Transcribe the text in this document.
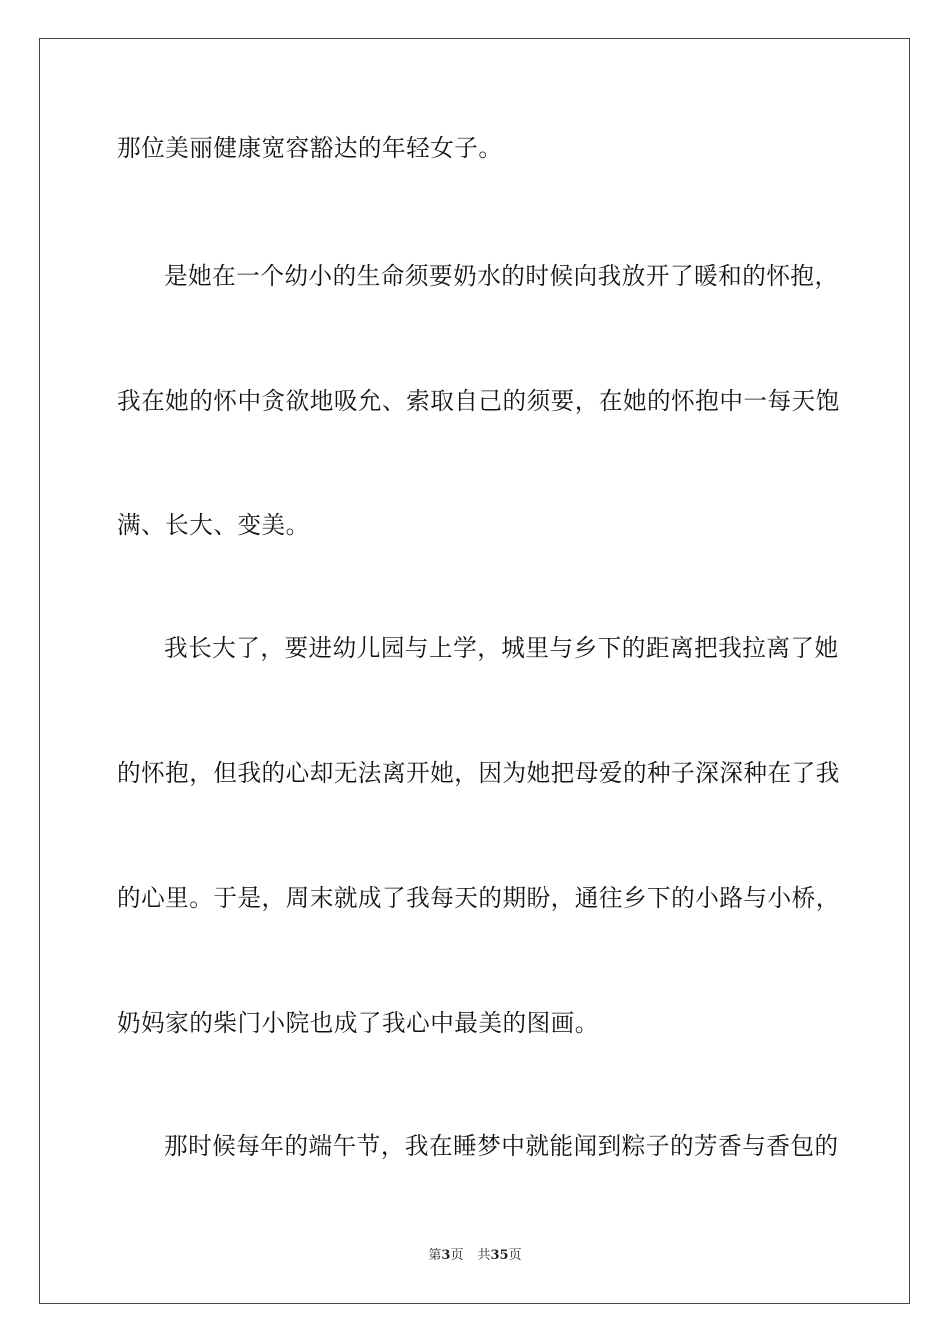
那位美丽健康宽容豁达的年轻女子。
是她在一个幼小的生命须要奶水的时候向我放开了暖和的怀抱，
我在她的怀中贪欲地吸允、索取自己的须要，在她的怀抱中一每天饱
满、长大、变美。
我长大了，要进幼儿园与上学，城里与乡下的距离把我拉离了她
的怀抱，但我的心却无法离开她，因为她把母爱的种子深深种在了我
的心里。于是，周末就成了我每天的期盼，通往乡下的小路与小桥，
奶妈家的柴门小院也成了我心中最美的图画。
那时候每年的端午节，我在睡梦中就能闻到粽子的芳香与香包的
第3页 共35页
